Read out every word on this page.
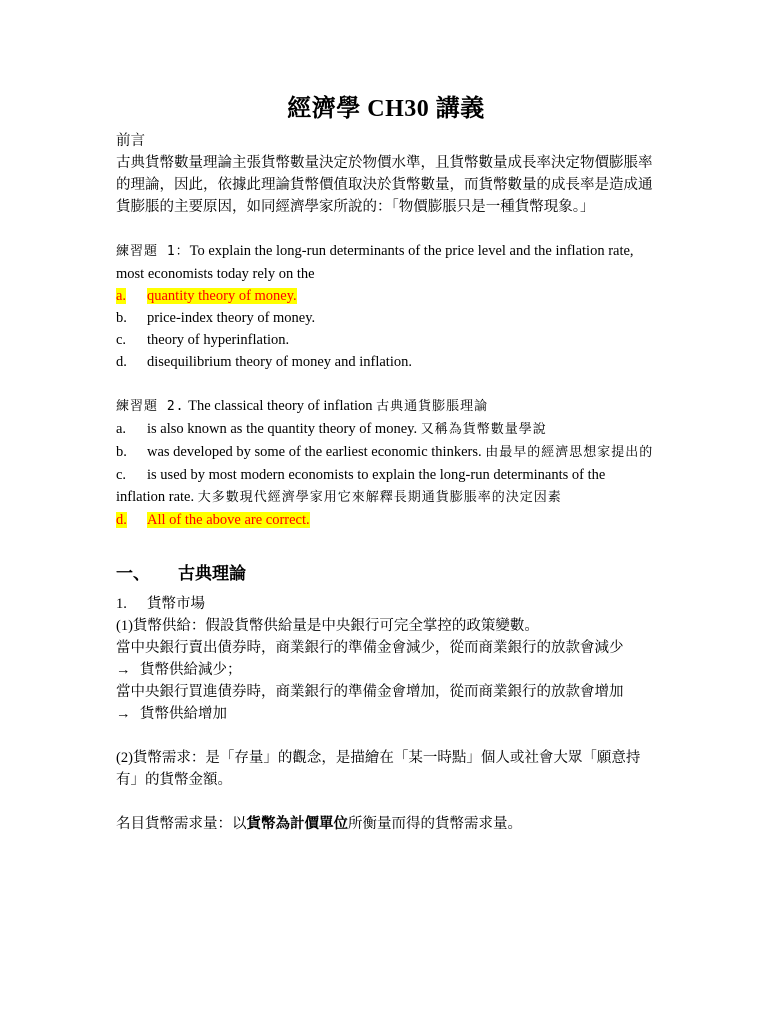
經濟學 CH30 講義

前言

古典貨幣數量理論主張貨幣數量決定於物價水準，且貨幣數量成長率決定物價膨脹率的理論，因此，依據此理論貨幣價值取決於貨幣數量，而貨幣數量的成長率是造成通貨膨脹的主要原因，如同經濟學家所說的：「物價膨脹只是一種貨幣現象。」

練習題 1：To explain the long-run determinants of the price level and the inflation rate, most economists today rely on the

a.	quantity theory of money.
b.	price-index theory of money.
c.	theory of hyperinflation.
d.	disequilibrium theory of money and inflation.

練習題 2. The classical theory of inflation 古典通貨膨脹理論

a.	is also known as the quantity theory of money. 又稱為貨幣數量學說

b. was developed by some of the earliest economic thinkers. 由最早的經濟思想家提出的

c. is used by most modern economists to explain the long-run determinants of the inflation rate. 大多數現代經濟學家用它來解釋長期通貨膨脹率的決定因素

d.	All of the above are correct.
一、	古典理論
1.	貨幣市場

(1)貨幣供給：假設貨幣供給量是中央銀行可完全掌控的政策變數。

當中央銀行賣出債券時，商業銀行的準備金會減少，從而商業銀行的放款會減少

→ 貨幣供給減少；

當中央銀行買進債券時，商業銀行的準備金會增加，從而商業銀行的放款會增加

→ 貨幣供給增加

(2)貨幣需求：是「存量」的觀念，是描繪在「某一時點」個人或社會大眾「願意持有」的貨幣金額。

名目貨幣需求量：以貨幣為計價單位所衡量而得的貨幣需求量。
